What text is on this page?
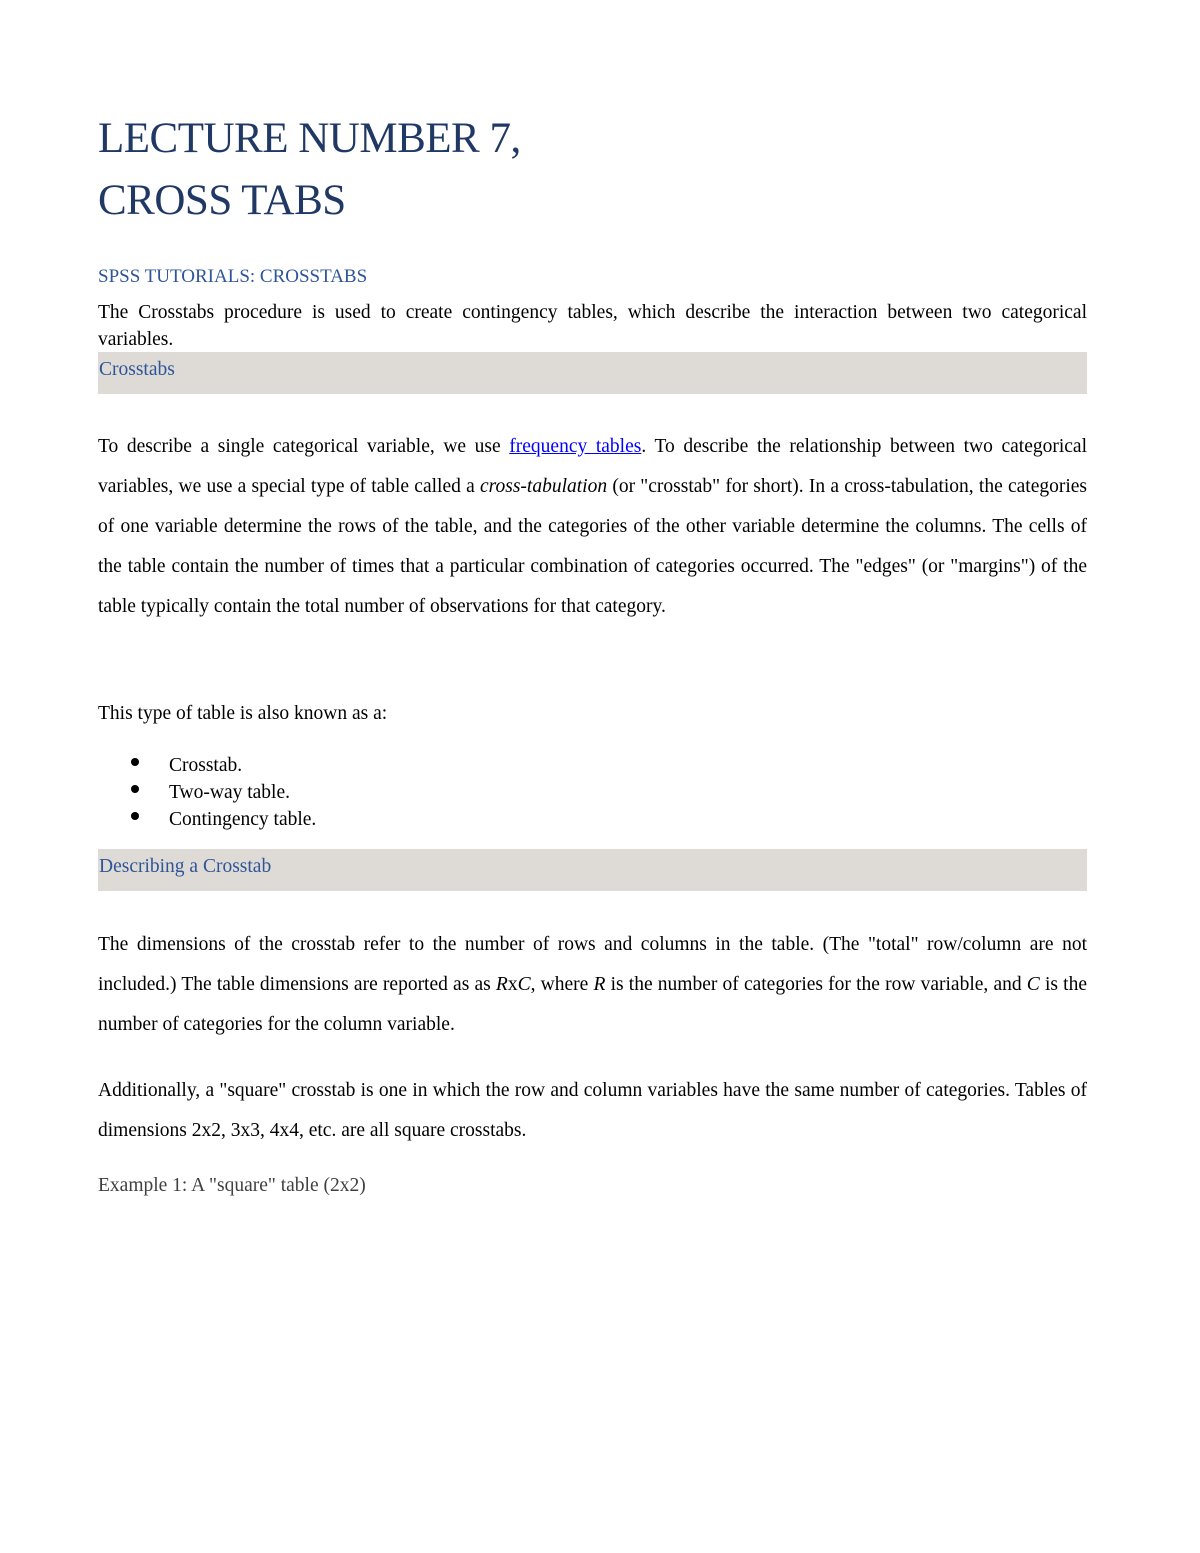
LECTURE NUMBER 7,
CROSS TABS
SPSS TUTORIALS: CROSSTABS

The Crosstabs procedure is used to create contingency tables, which describe the interaction between two categorical variables.

Crosstabs

To describe a single categorical variable, we use frequency tables. To describe the relationship between two categorical variables, we use a special type of table called a cross-tabulation (or "crosstab" for short). In a cross-tabulation, the categories of one variable determine the rows of the table, and the categories of the other variable determine the columns. The cells of the table contain the number of times that a particular combination of categories occurred. The "edges" (or "margins") of the table typically contain the total number of observations for that category.

This type of table is also known as a:

Crosstab.
Two-way table.
Contingency table.
Describing a Crosstab

The dimensions of the crosstab refer to the number of rows and columns in the table. (The "total" row/column are not included.) The table dimensions are reported as as RxC, where R is the number of categories for the row variable, and C is the number of categories for the column variable.

Additionally, a "square" crosstab is one in which the row and column variables have the same number of categories. Tables of dimensions 2x2, 3x3, 4x4, etc. are all square crosstabs.

Example 1: A "square" table (2x2)
